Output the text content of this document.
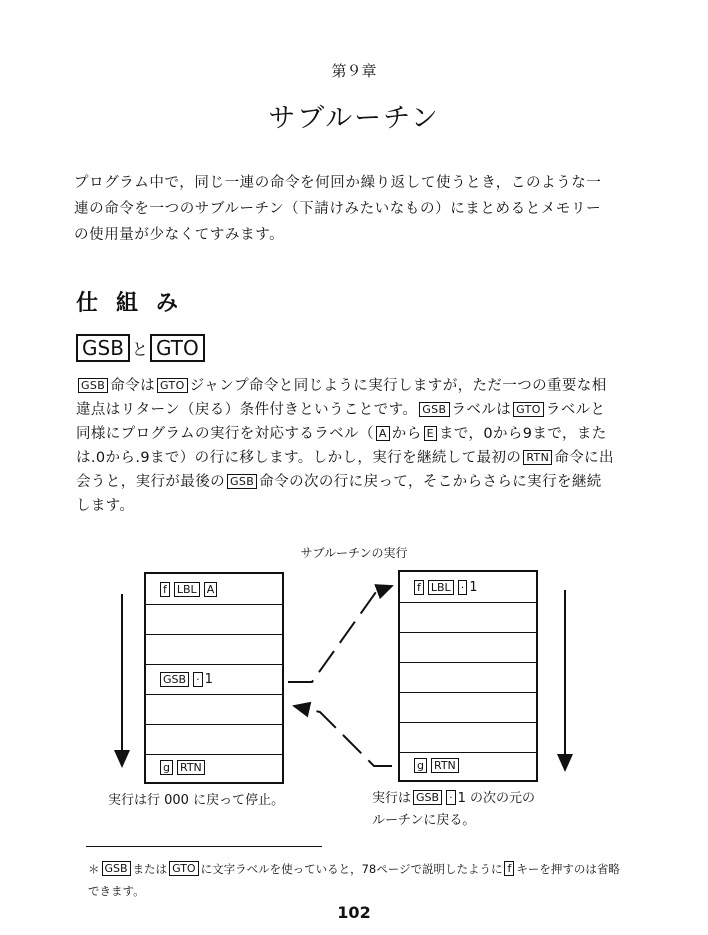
第９章
サブルーチン
プログラム中で，同じ一連の命令を何回か繰り返して使うとき，このような一連の命令を一つのサブルーチン（下請けみたいなもの）にまとめるとメモリーの使用量が少なくてすみます。
仕組み
GSB と GTO
GSB 命令は GTO ジャンプ命令と同じように実行しますが，ただ一つの重要な相違点はリターン（戻る）条件付きということです。 GSB ラベルは GTO ラベルと同様にプログラムの実行を対応するラベル（ A から E まで，0から9まで，または.0から.9まで）の行に移します。しかし，実行を継続して最初の RTN 命令に出会うと，実行が最後の GSB 命令の次の行に戻って，そこからさらに実行を継続します。
サブルーチンの実行
f LBL A
GSB · 1
g RTN
f LBL · 1
g RTN
実行は行 000 に戻って停止。	実行は GSB · 1 の次の元の
ルーチンに戻る。
＊ GSB または GTO に文字ラベルを使っていると，78ページで説明したように f キーを押すのは省略できます。
102
